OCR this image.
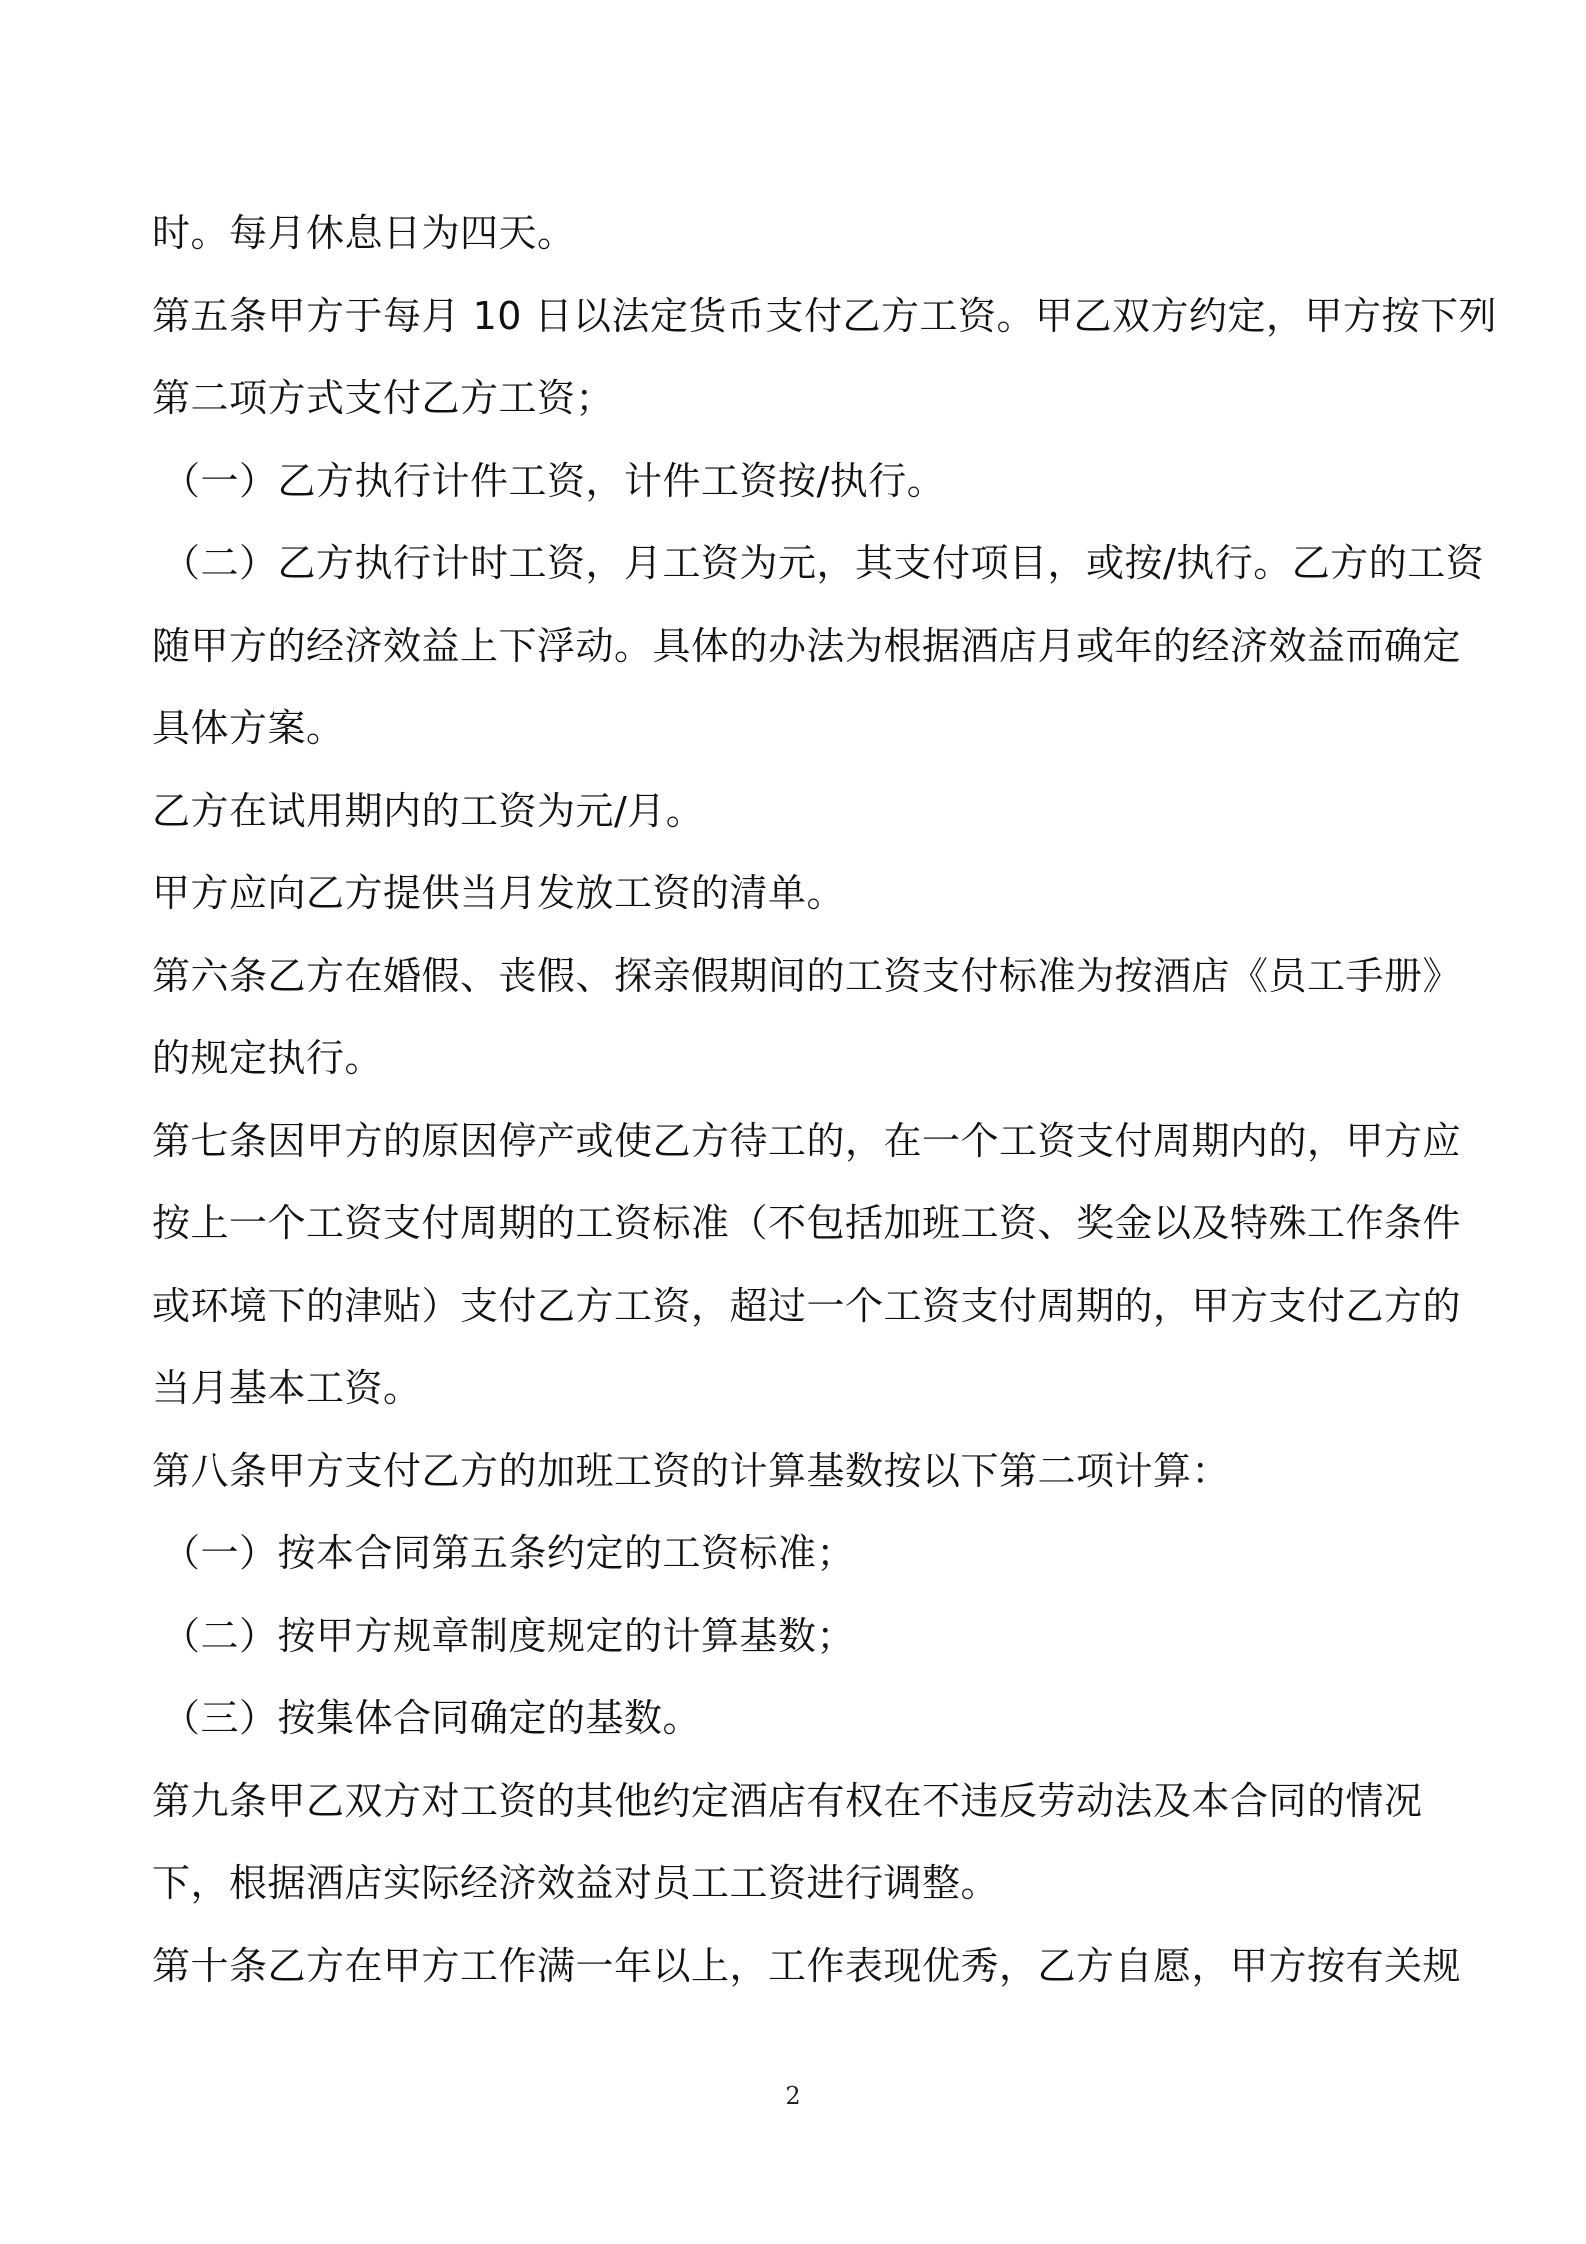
时。每月休息日为四天。
第五条甲方于每月 10 日以法定货币支付乙方工资。甲乙双方约定，甲方按下列
第二项方式支付乙方工资；
（一）乙方执行计件工资，计件工资按/执行。
（二）乙方执行计时工资，月工资为元，其支付项目，或按/执行。乙方的工资
随甲方的经济效益上下浮动。具体的办法为根据酒店月或年的经济效益而确定
具体方案。
乙方在试用期内的工资为元/月。
甲方应向乙方提供当月发放工资的清单。
第六条乙方在婚假、丧假、探亲假期间的工资支付标准为按酒店《员工手册》
的规定执行。
第七条因甲方的原因停产或使乙方待工的，在一个工资支付周期内的，甲方应
按上一个工资支付周期的工资标准（不包括加班工资、奖金以及特殊工作条件
或环境下的津贴）支付乙方工资，超过一个工资支付周期的，甲方支付乙方的
当月基本工资。
第八条甲方支付乙方的加班工资的计算基数按以下第二项计算：
（一）按本合同第五条约定的工资标准；
（二）按甲方规章制度规定的计算基数；
（三）按集体合同确定的基数。
第九条甲乙双方对工资的其他约定酒店有权在不违反劳动法及本合同的情况
下，根据酒店实际经济效益对员工工资进行调整。
第十条乙方在甲方工作满一年以上，工作表现优秀，乙方自愿，甲方按有关规
2
